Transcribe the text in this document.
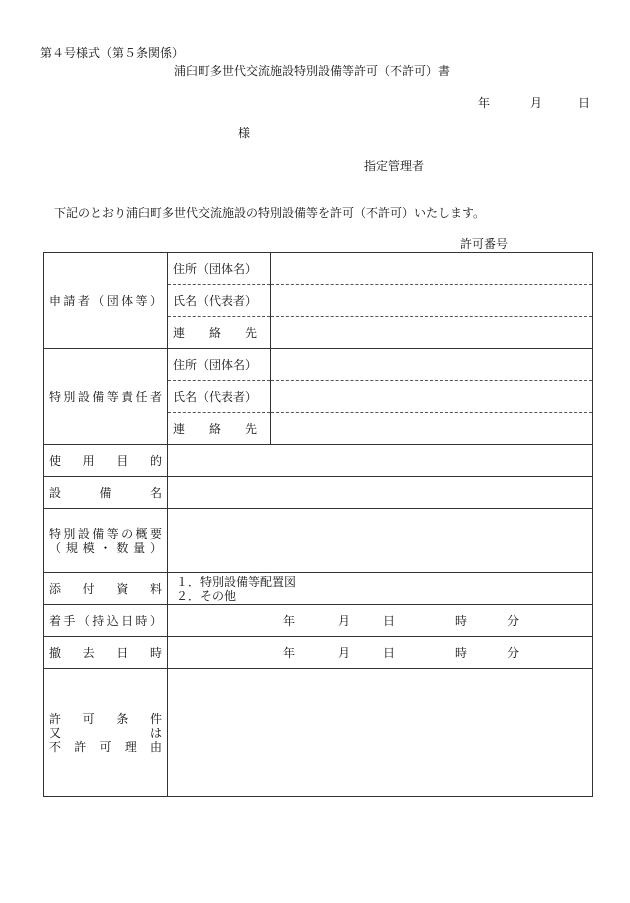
第４号様式（第５条関係）
浦臼町多世代交流施設特別設備等許可（不許可）書
年	月	日
様
指定管理者
下記のとおり浦臼町多世代交流施設の特別設備等を許可（不許可）いたします。
許可番号
申請者（団体等）	住所（団体名）	
	氏名（代表者）	
	連　　絡　　先	

特別設備等責任者	住所（団体名）	
	氏名（代表者）	
	連　　絡　　先	

使　用　目　的		

設　　備　　名		

特別設備等の概要
（規模・数量）		

添　付　資　料	１．特別設備等配置図
２．その他	

着手（持込日時）	年 月 日 時 分	

撤　去　日　時	年 月 日 時 分	

許　可　条　件
又　　　　　は
不　許　可　理　由		
